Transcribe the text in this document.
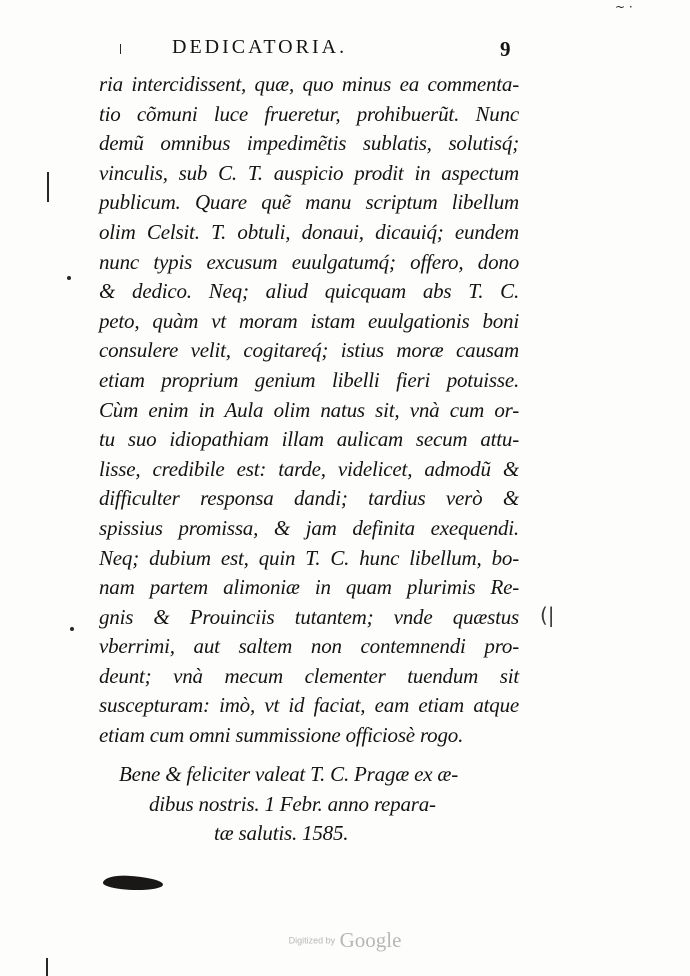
DEDICATORIA.	9
ria intercidissent, quæ, quo minus ea commenta-
tio cõmuni luce frueretur, prohibuerũt. Nunc
demũ omnibus impedimẽtis sublatis, solutisq́;
vinculis, sub C. T. auspicio prodit in aspectum
publicum. Quare quẽ manu scriptum libellum
olim Celsit. T. obtuli, donaui, dicauiq́; eundem
nunc typis excusum euulgatumq́; offero, dono
& dedico. Neq; aliud quicquam abs T. C.
peto, quàm vt moram istam euulgationis boni
consulere velit, cogitareq́; istius moræ causam
etiam proprium genium libelli fieri potuisse.
Cùm enim in Aula olim natus sit, vnà cum or-
tu suo idiopathiam illam aulicam secum attu-
lisse, credibile est: tarde, videlicet, admodũ &
difficulter responsa dandi; tardius verò &
spissius promissa, & jam definita exequendi.
Neq; dubium est, quin T. C. hunc libellum, bo-
nam partem alimoniæ in quam plurimis Re-
gnis & Prouinciis tutantem; vnde quæstus
vberrimi, aut saltem non contemnendi pro-
deunt; vnà mecum clementer tuendum sit
suscepturam: imò, vt id faciat, eam etiam atque
etiam cum omni summissione officiosè rogo.
Bene & feliciter valeat T. C. Pragæ ex æ-
dibus nostris. 1 Febr. anno repara-
tæ salutis. 1585.
(|
~ ·
Digitized by Google
